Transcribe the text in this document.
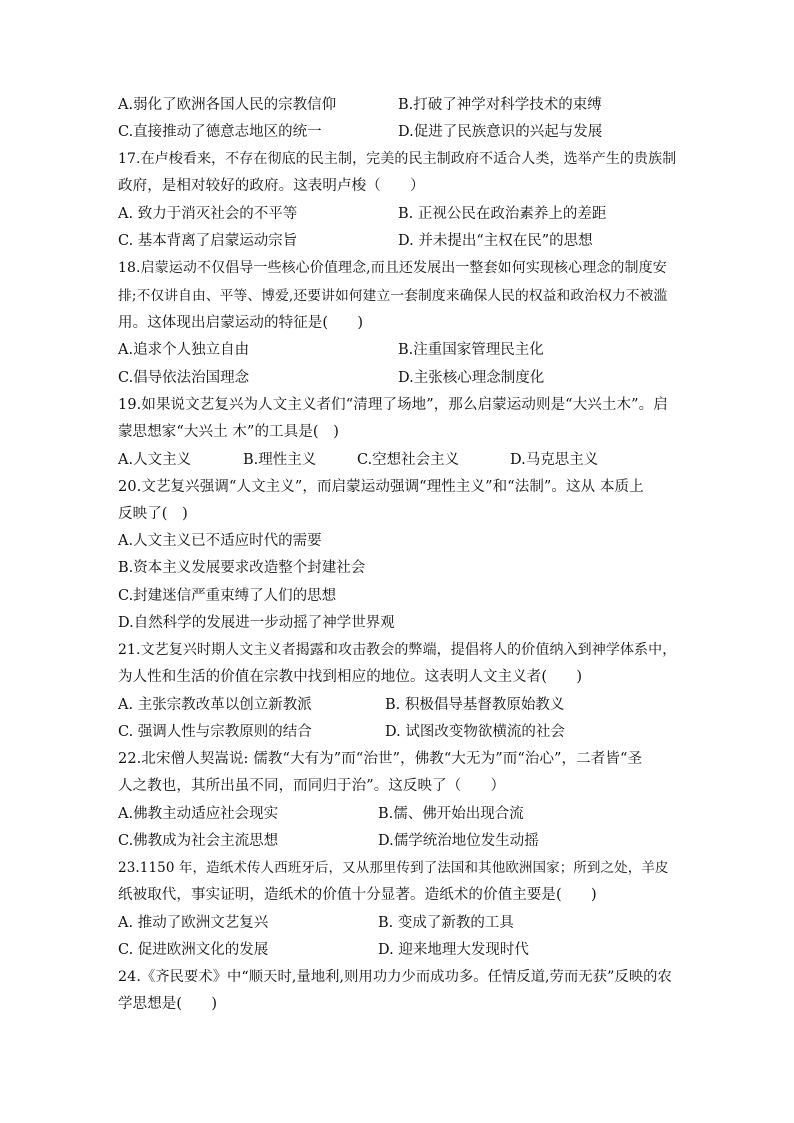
A.弱化了欧洲各国人民的宗教信仰	B.打破了神学对科学技术的束缚
C.直接推动了德意志地区的统一	D.促进了民族意识的兴起与发展
17.在卢梭看来，不存在彻底的民主制，完美的民主制政府不适合人类，选举产生的贵族制
政府，是相对较好的政府。这表明卢梭（　　）
A. 致力于消灭社会的不平等	B. 正视公民在政治素养上的差距
C. 基本背离了启蒙运动宗旨	D. 并未提出“主权在民”的思想
18.启蒙运动不仅倡导一些核心价值理念,而且还发展出一整套如何实现核心理念的制度安
排;不仅讲自由、平等、博爱,还要讲如何建立一套制度来确保人民的权益和政治权力不被滥
用。这体现出启蒙运动的特征是(　　)
A.追求个人独立自由	B.注重国家管理民主化
C.倡导依法治国理念	D.主张核心理念制度化
19.如果说文艺复兴为人文主义者们“清理了场地”，那么启蒙运动则是“大兴土木”。启
蒙思想家“大兴土 木”的工具是(　)
A.人文主义	B.理性主义	C.空想社会主义	D.马克思主义
20.文艺复兴强调“人文主义”，而启蒙运动强调“理性主义”和“法制”。这从 本质上
反映了(　)
A.人文主义已不适应时代的需要
B.资本主义发展要求改造整个封建社会
C.封建迷信严重束缚了人们的思想
D.自然科学的发展进一步动摇了神学世界观
21.文艺复兴时期人文主义者揭露和攻击教会的弊端，提倡将人的价值纳入到神学体系中，
为人性和生活的价值在宗教中找到相应的地位。这表明人文主义者(　　)
A. 主张宗教改革以创立新教派	B. 积极倡导基督教原始教义
C. 强调人性与宗教原则的结合	D. 试图改变物欲横流的社会
22.北宋僧人契嵩说: 儒教“大有为”而“治世”，佛教“大无为”而“治心”，二者皆“圣
人之教也，其所出虽不同，而同归于治”。这反映了（　　）
A.佛教主动适应社会现实	B.儒、佛开始出现合流
C.佛教成为社会主流思想	D.儒学统治地位发生动摇
23.1150 年，造纸术传人西班牙后，又从那里传到了法国和其他欧洲国家；所到之处，羊皮
纸被取代，事实证明，造纸术的价值十分显著。造纸术的价值主要是(　　)
A. 推动了欧洲文艺复兴	B. 变成了新教的工具
C. 促进欧洲文化的发展	D. 迎来地理大发现时代
24.《齐民要术》中“顺天时,量地利,则用功力少而成功多。任情反道,劳而无获”反映的农
学思想是(　　)
